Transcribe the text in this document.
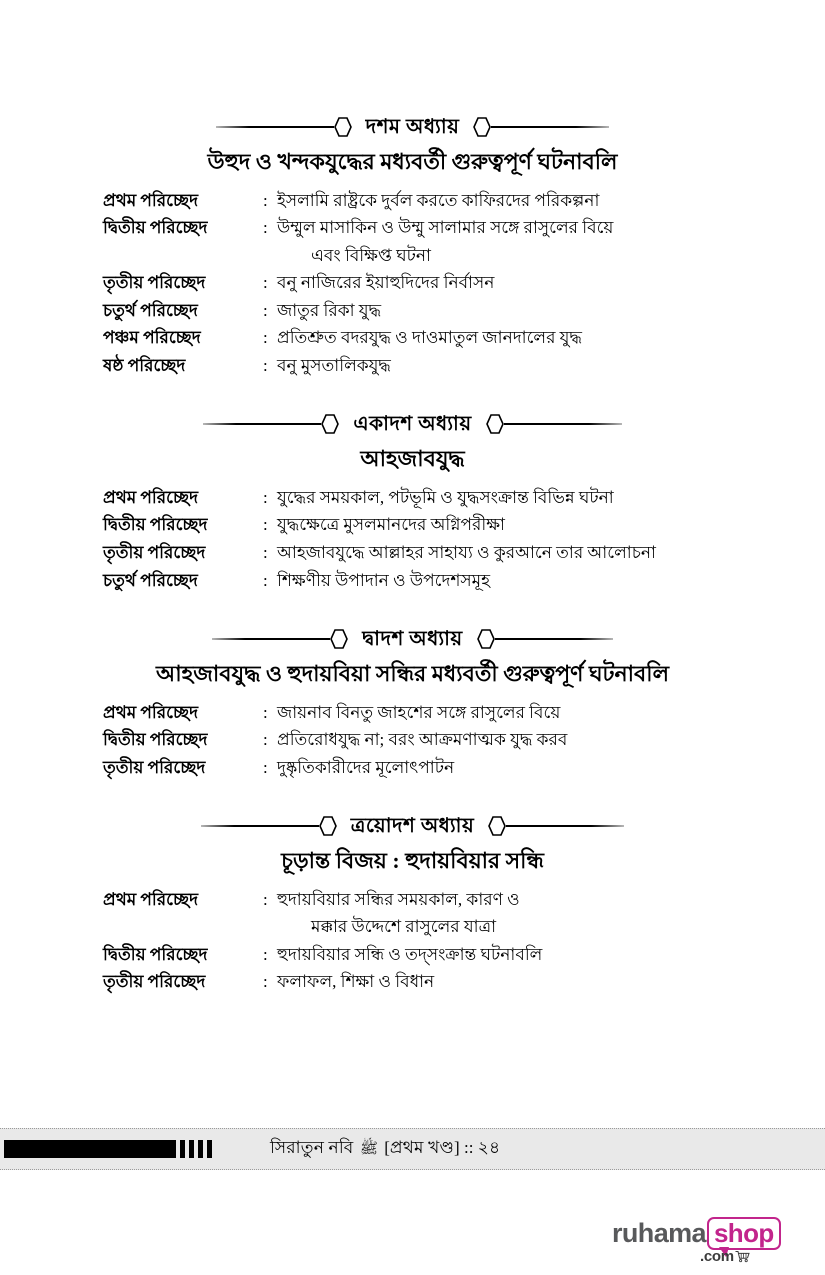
দশম অধ্যায়
উহুদ ও খন্দকযুদ্ধের মধ্যবর্তী গুরুত্বপূর্ণ ঘটনাবলি
প্রথম পরিচ্ছেদ	: ইসলামি রাষ্ট্রকে দুর্বল করতে কাফিরদের পরিকল্পনা
দ্বিতীয় পরিচ্ছেদ	: উম্মুল মাসাকিন ও উম্মু সালামার সঙ্গে রাসুলের বিয়ে
এবং বিক্ষিপ্ত ঘটনা
তৃতীয় পরিচ্ছেদ	: বনু নাজিরের ইয়াহুদিদের নির্বাসন
চতুর্থ পরিচ্ছেদ	: জাতুর রিকা যুদ্ধ
পঞ্চম পরিচ্ছেদ	: প্রতিশ্রুত বদরযুদ্ধ ও দাওমাতুল জানদালের যুদ্ধ
ষষ্ঠ পরিচ্ছেদ	: বনু মুসতালিকযুদ্ধ
একাদশ অধ্যায়
আহজাবযুদ্ধ
প্রথম পরিচ্ছেদ	: যুদ্ধের সময়কাল, পটভূমি ও যুদ্ধসংক্রান্ত বিভিন্ন ঘটনা
দ্বিতীয় পরিচ্ছেদ	: যুদ্ধক্ষেত্রে মুসলমানদের অগ্নিপরীক্ষা
তৃতীয় পরিচ্ছেদ	: আহজাবযুদ্ধে আল্লাহর সাহায্য ও কুরআনে তার আলোচনা
চতুর্থ পরিচ্ছেদ	: শিক্ষণীয় উপাদান ও উপদেশসমূহ
দ্বাদশ অধ্যায়
আহজাবযুদ্ধ ও হুদায়বিয়া সন্ধির মধ্যবর্তী গুরুত্বপূর্ণ ঘটনাবলি
প্রথম পরিচ্ছেদ	: জায়নাব বিনতু জাহশের সঙ্গে রাসুলের বিয়ে
দ্বিতীয় পরিচ্ছেদ	: প্রতিরোধযুদ্ধ না; বরং আক্রমণাত্মক যুদ্ধ করব
তৃতীয় পরিচ্ছেদ	: দুষ্কৃতিকারীদের মূলোৎপাটন
ত্রয়োদশ অধ্যায়
চূড়ান্ত বিজয় : হুদায়বিয়ার সন্ধি
প্রথম পরিচ্ছেদ	: হুদায়বিয়ার সন্ধির সময়কাল, কারণ ও
মক্কার উদ্দেশে রাসুলের যাত্রা
দ্বিতীয় পরিচ্ছেদ	: হুদায়বিয়ার সন্ধি ও তদ্‌সংক্রান্ত ঘটনাবলি
তৃতীয় পরিচ্ছেদ	: ফলাফল, শিক্ষা ও বিধান
সিরাতুন নবি ﷺ [প্রথম খণ্ড] :: ২৪
ruhama shop
.com
